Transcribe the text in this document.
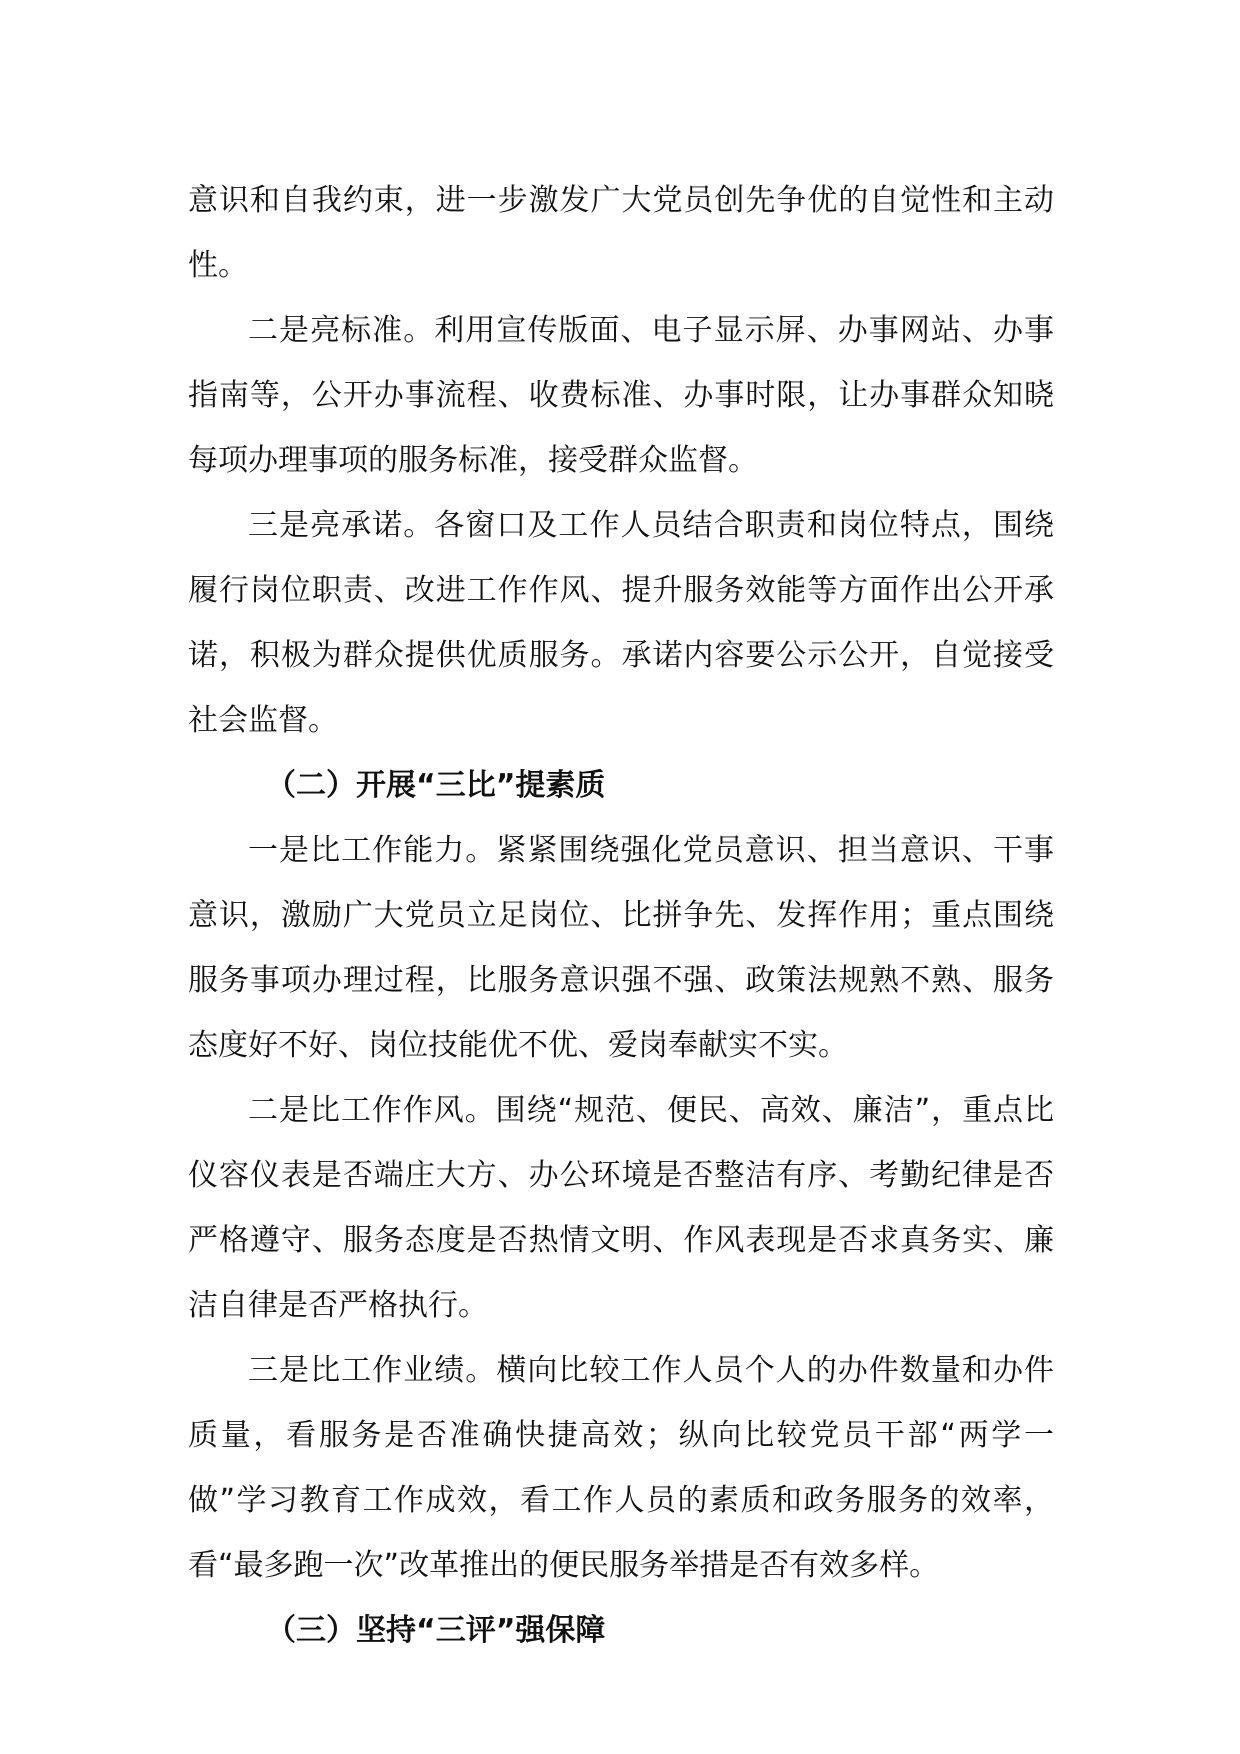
意识和自我约束，进一步激发广大党员创先争优的自觉性和主动性。

二是亮标准。利用宣传版面、电子显示屏、办事网站、办事指南等，公开办事流程、收费标准、办事时限，让办事群众知晓每项办理事项的服务标准，接受群众监督。

三是亮承诺。各窗口及工作人员结合职责和岗位特点，围绕履行岗位职责、改进工作作风、提升服务效能等方面作出公开承诺，积极为群众提供优质服务。承诺内容要公示公开，自觉接受社会监督。

（二）开展“三比”提素质

一是比工作能力。紧紧围绕强化党员意识、担当意识、干事意识，激励广大党员立足岗位、比拼争先、发挥作用；重点围绕服务事项办理过程，比服务意识强不强、政策法规熟不熟、服务态度好不好、岗位技能优不优、爱岗奉献实不实。

二是比工作作风。围绕“规范、便民、高效、廉洁”，重点比仪容仪表是否端庄大方、办公环境是否整洁有序、考勤纪律是否严格遵守、服务态度是否热情文明、作风表现是否求真务实、廉洁自律是否严格执行。

三是比工作业绩。横向比较工作人员个人的办件数量和办件质量，看服务是否准确快捷高效；纵向比较党员干部“两学一做”学习教育工作成效，看工作人员的素质和政务服务的效率，看“最多跑一次”改革推出的便民服务举措是否有效多样。

（三）坚持“三评”强保障
